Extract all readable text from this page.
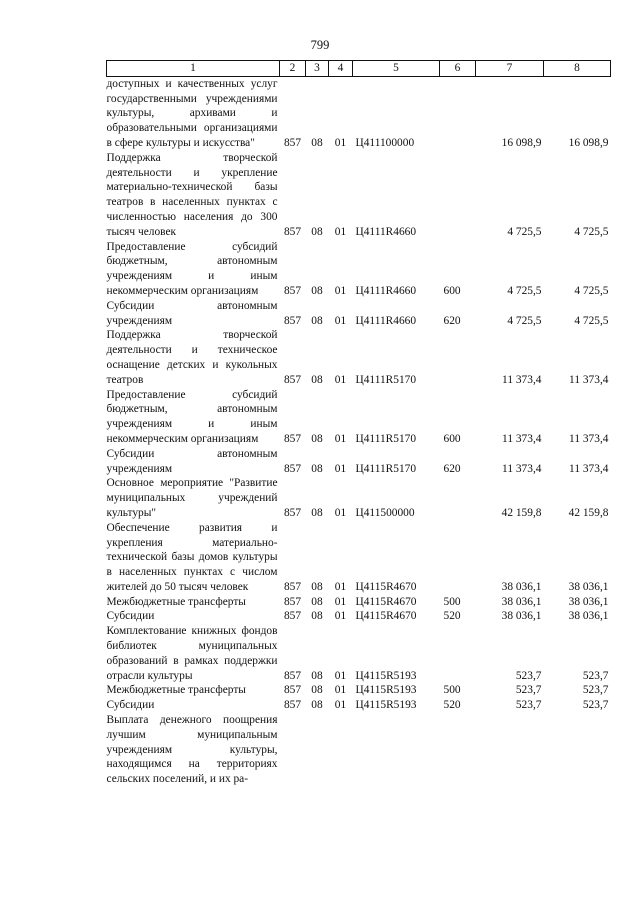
799
1	2	3	4	5	6	7	8
доступных и качественных услуг государственными учреждениями культуры, архивами и образовательными организациями в сфере культуры и искусства"	857	08	01	Ц411100000		16 098,9	16 098,9
Поддержка творческой деятельности и укрепление материально-технической базы театров в населенных пунктах с численностью населения до 300 тысяч человек	857	08	01	Ц4111R4660		4 725,5	4 725,5
Предоставление субсидий бюджетным, автономным учреждениям и иным некоммерческим организациям	857	08	01	Ц4111R4660	600	4 725,5	4 725,5
Субсидии автономным учреждениям	857	08	01	Ц4111R4660	620	4 725,5	4 725,5
Поддержка творческой деятельности и техническое оснащение детских и кукольных театров	857	08	01	Ц4111R5170		11 373,4	11 373,4
Предоставление субсидий бюджетным, автономным учреждениям и иным некоммерческим организациям	857	08	01	Ц4111R5170	600	11 373,4	11 373,4
Субсидии автономным учреждениям	857	08	01	Ц4111R5170	620	11 373,4	11 373,4
Основное мероприятие "Развитие муниципальных учреждений культуры"	857	08	01	Ц411500000		42 159,8	42 159,8
Обеспечение развития и укрепления материально-технической базы домов культуры в населенных пунктах с числом жителей до 50 тысяч человек	857	08	01	Ц4115R4670		38 036,1	38 036,1
Межбюджетные трансферты	857	08	01	Ц4115R4670	500	38 036,1	38 036,1
Субсидии	857	08	01	Ц4115R4670	520	38 036,1	38 036,1
Комплектование книжных фондов библиотек муниципальных образований в рамках поддержки отрасли культуры	857	08	01	Ц4115R5193		523,7	523,7
Межбюджетные трансферты	857	08	01	Ц4115R5193	500	523,7	523,7
Субсидии	857	08	01	Ц4115R5193	520	523,7	523,7
Выплата денежного поощрения лучшим муниципальным учреждениям культуры, находящимся на территориях сельских поселений, и их ра-							
